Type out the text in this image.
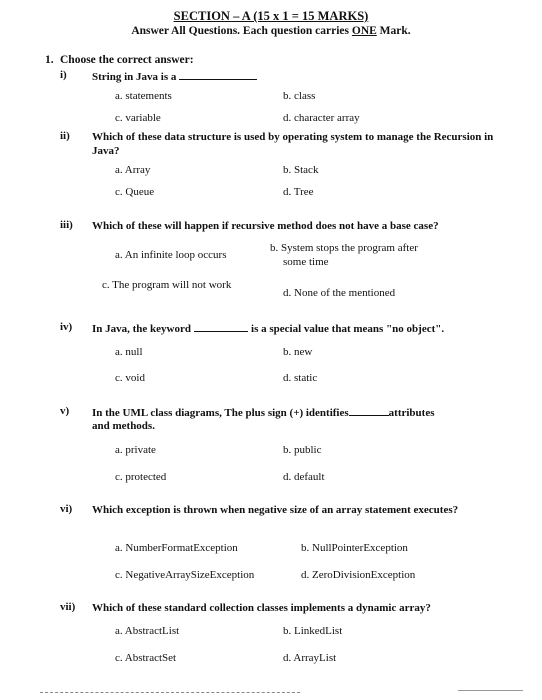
SECTION – A (15 x 1 = 15 MARKS)
Answer All Questions. Each question carries ONE Mark.
1. Choose the correct answer:
i) String in Java is a
a. statements	b. class
c. variable	d. character array
ii) Which of these data structure is used by operating system to manage the Recursion in Java?
a. Array	b. Stack
c. Queue	d. Tree
iii) Which of these will happen if recursive method does not have a base case?
a. An infinite loop occurs
b. System stops the program after some time
c. The program will not work
d. None of the mentioned
iv) In Java, the keyword	is a special value that means "no object".
a. null	b. new
c. void	d. static
v) In the UML class diagrams, The plus sign (+) identifies	attributes
and methods.
a. private	b. public
c. protected	d. default
vi) Which exception is thrown when negative size of an array statement executes?
a. NumberFormatException	b. NullPointerException
c. NegativeArraySizeException	d. ZeroDivisionException
vii) Which of these standard collection classes implements a dynamic array?
a. AbstractList	b. LinkedList
c. AbstractSet	d. ArrayList
